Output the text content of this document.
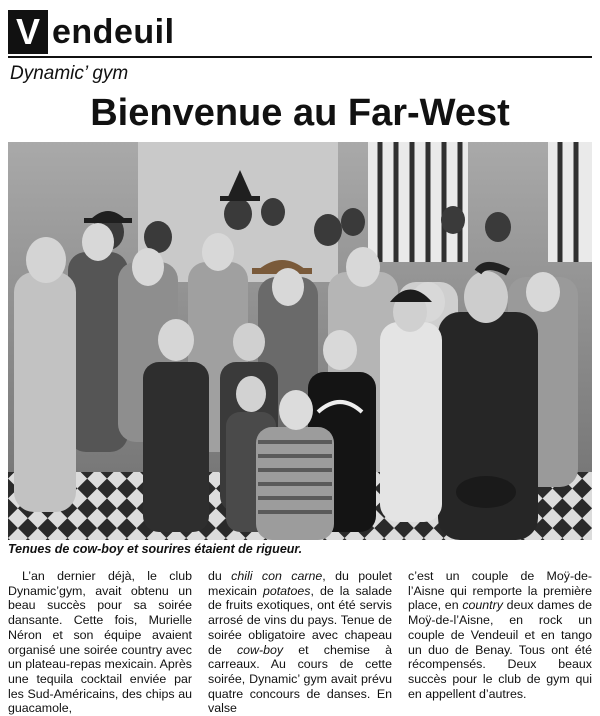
V endeuil
Dynamic’ gym
Bienvenue au Far-West
Tenues de cow-boy et sourires étaient de rigueur.

L’an dernier déjà, le club Dynamic’gym, avait obtenu un beau succès pour sa soirée dansante. Cette fois, Murielle Néron et son équipe avaient organisé une soirée country avec un plateau-repas mexicain. Après une tequila cocktail enviée par les Sud-Américains, des chips au guacamole,

du chili con carne, du poulet mexicain potatoes, de la salade de fruits exotiques, ont été servis arrosé de vins du pays. Tenue de soirée obligatoire avec chapeau de cow-boy et chemise à carreaux. Au cours de cette soirée, Dynamic’ gym avait prévu quatre concours de danses. En valse

c’est un couple de Moÿ-de-l’Aisne qui remporte la première place, en country deux dames de Moÿ-de-l’Aisne, en rock un couple de Vendeuil et en tango un duo de Benay. Tous ont été récompensés. Deux beaux succès pour le club de gym qui en appellent d’autres.
